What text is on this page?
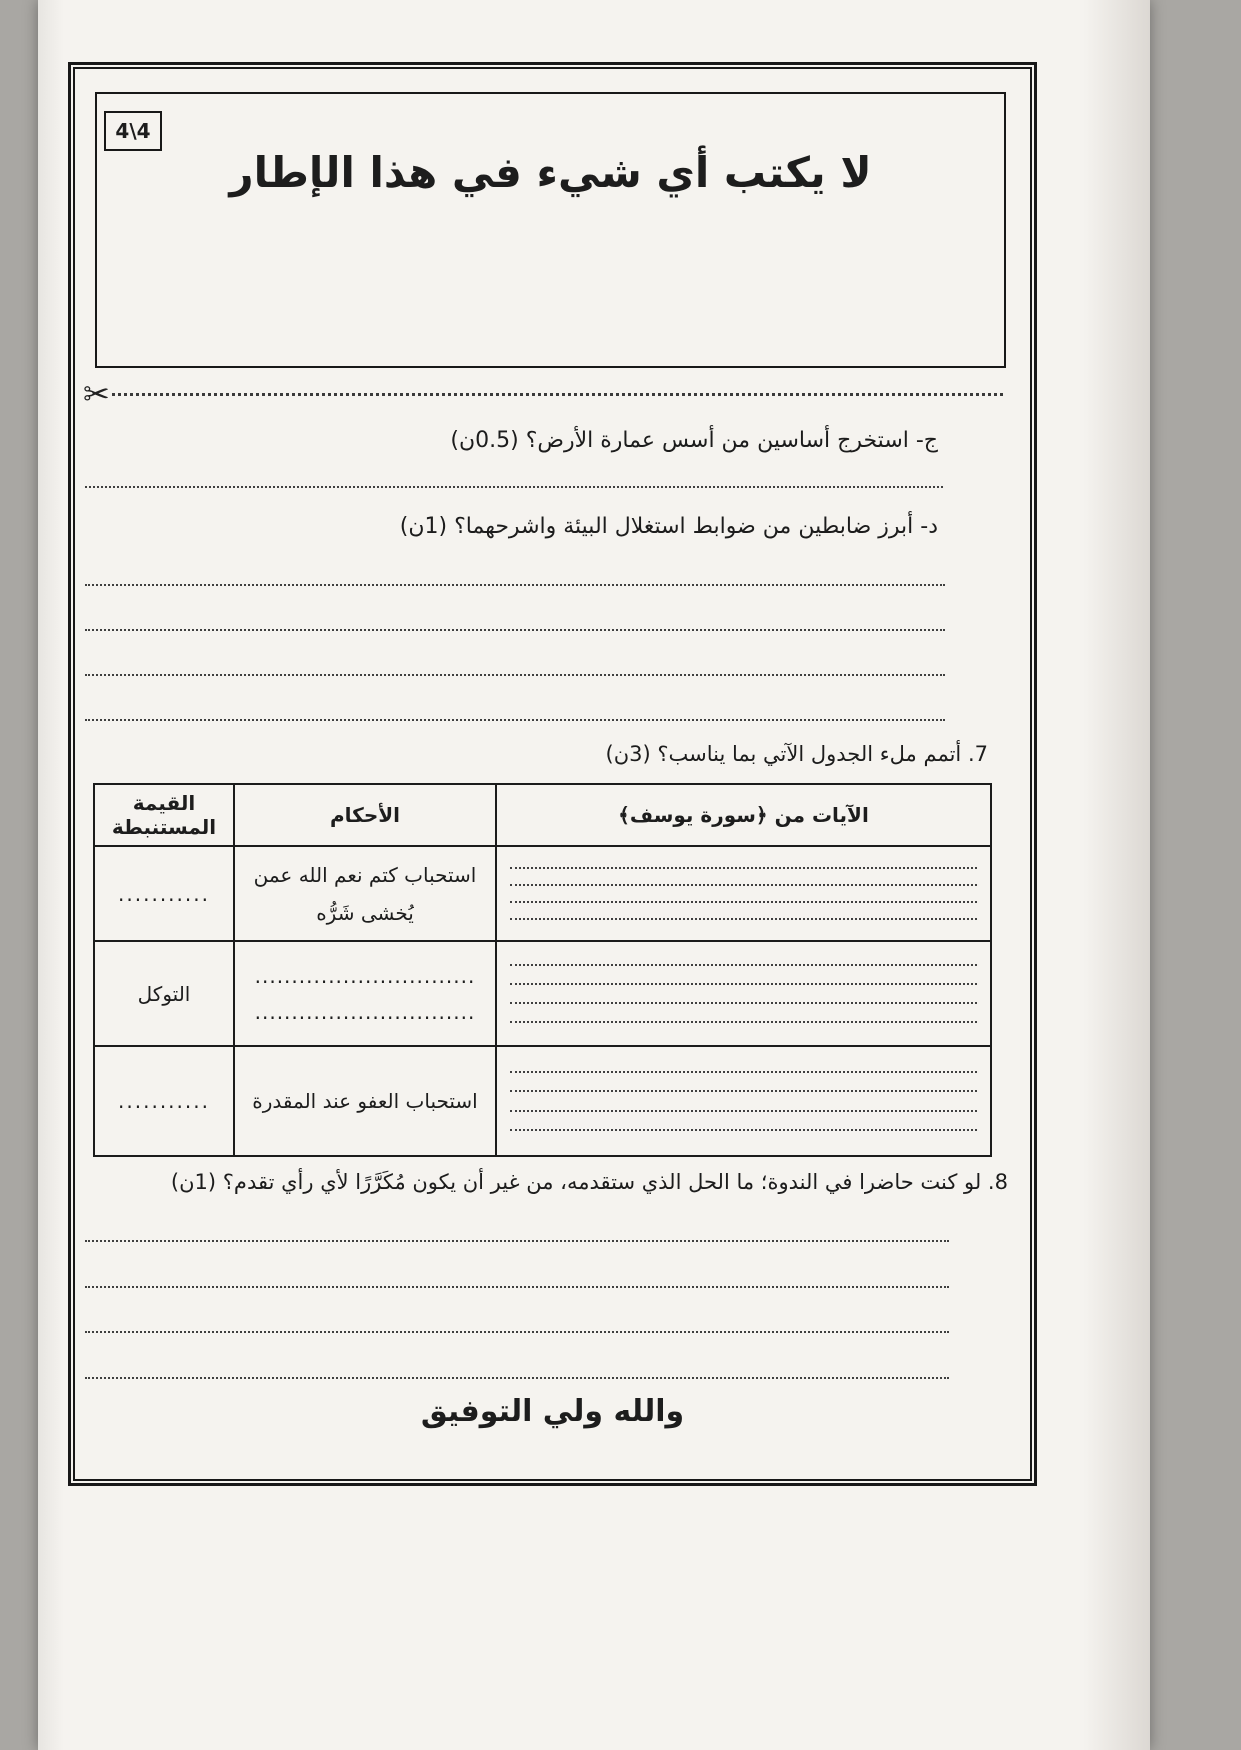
4\4
لا يكتب أي شيء في هذا الإطار
✂
ج- استخرج أساسين من أسس عمارة الأرض؟ (0.5ن)
د- أبرز ضابطين من ضوابط استغلال البيئة واشرحهما؟ (1ن)
7. أتمم ملء الجدول الآتي بما يناسب؟ (3ن)
الآيات من ﴿سورة يوسف﴾	الأحكام	القيمة المستنبطة

	استحباب كتم نعم الله عمن
يُخشى شَرُّه	...........

	..............................
..............................	التوكل

	استحباب العفو عند المقدرة	...........
8. لو كنت حاضرا في الندوة؛ ما الحل الذي ستقدمه، من غير أن يكون مُكَرَّرًا لأي رأي تقدم؟ (1ن)
والله ولي التوفيق
